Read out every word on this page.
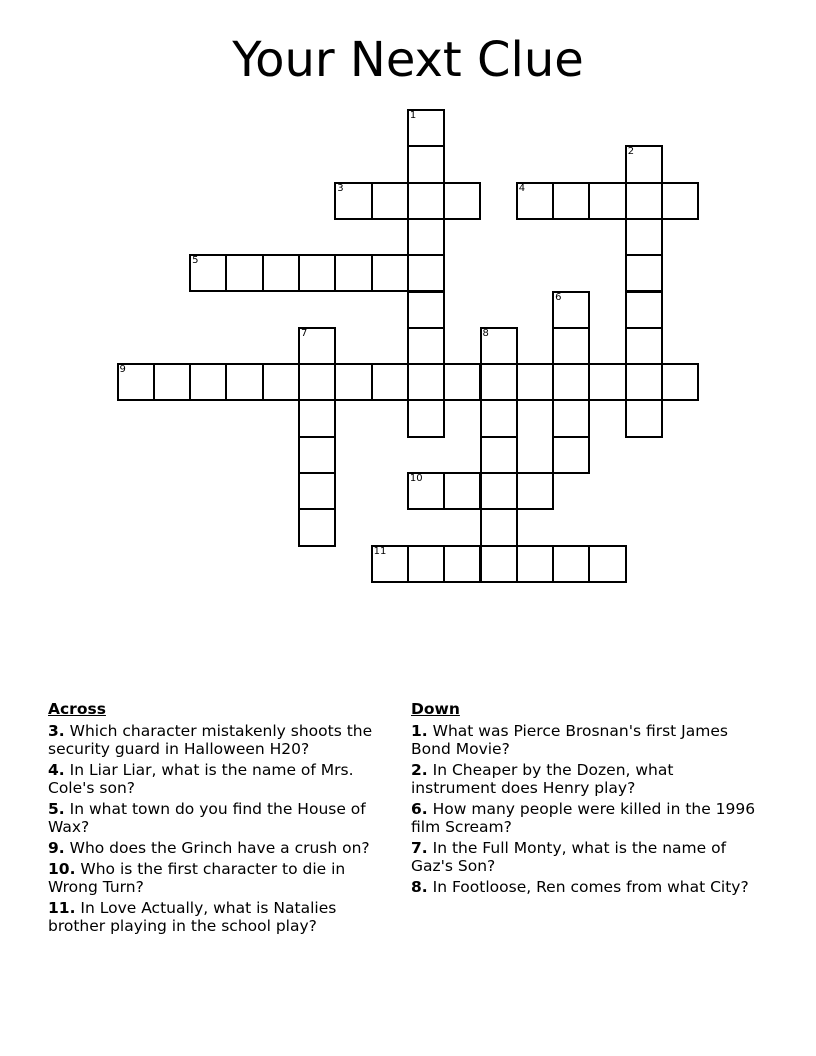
Your Next Clue
1
2
3	4
5
6
7	8
9
10
11
Across
3. Which character mistakenly shoots the security guard in Halloween H20?
4. In Liar Liar, what is the name of Mrs. Cole's son?
5. In what town do you find the House of Wax?
9. Who does the Grinch have a crush on?
10. Who is the first character to die in Wrong Turn?
11. In Love Actually, what is Natalies brother playing in the school play?
Down
1. What was Pierce Brosnan's first James Bond Movie?
2. In Cheaper by the Dozen, what instrument does Henry play?
6. How many people were killed in the 1996 film Scream?
7. In the Full Monty, what is the name of Gaz's Son?
8. In Footloose, Ren comes from what City?
